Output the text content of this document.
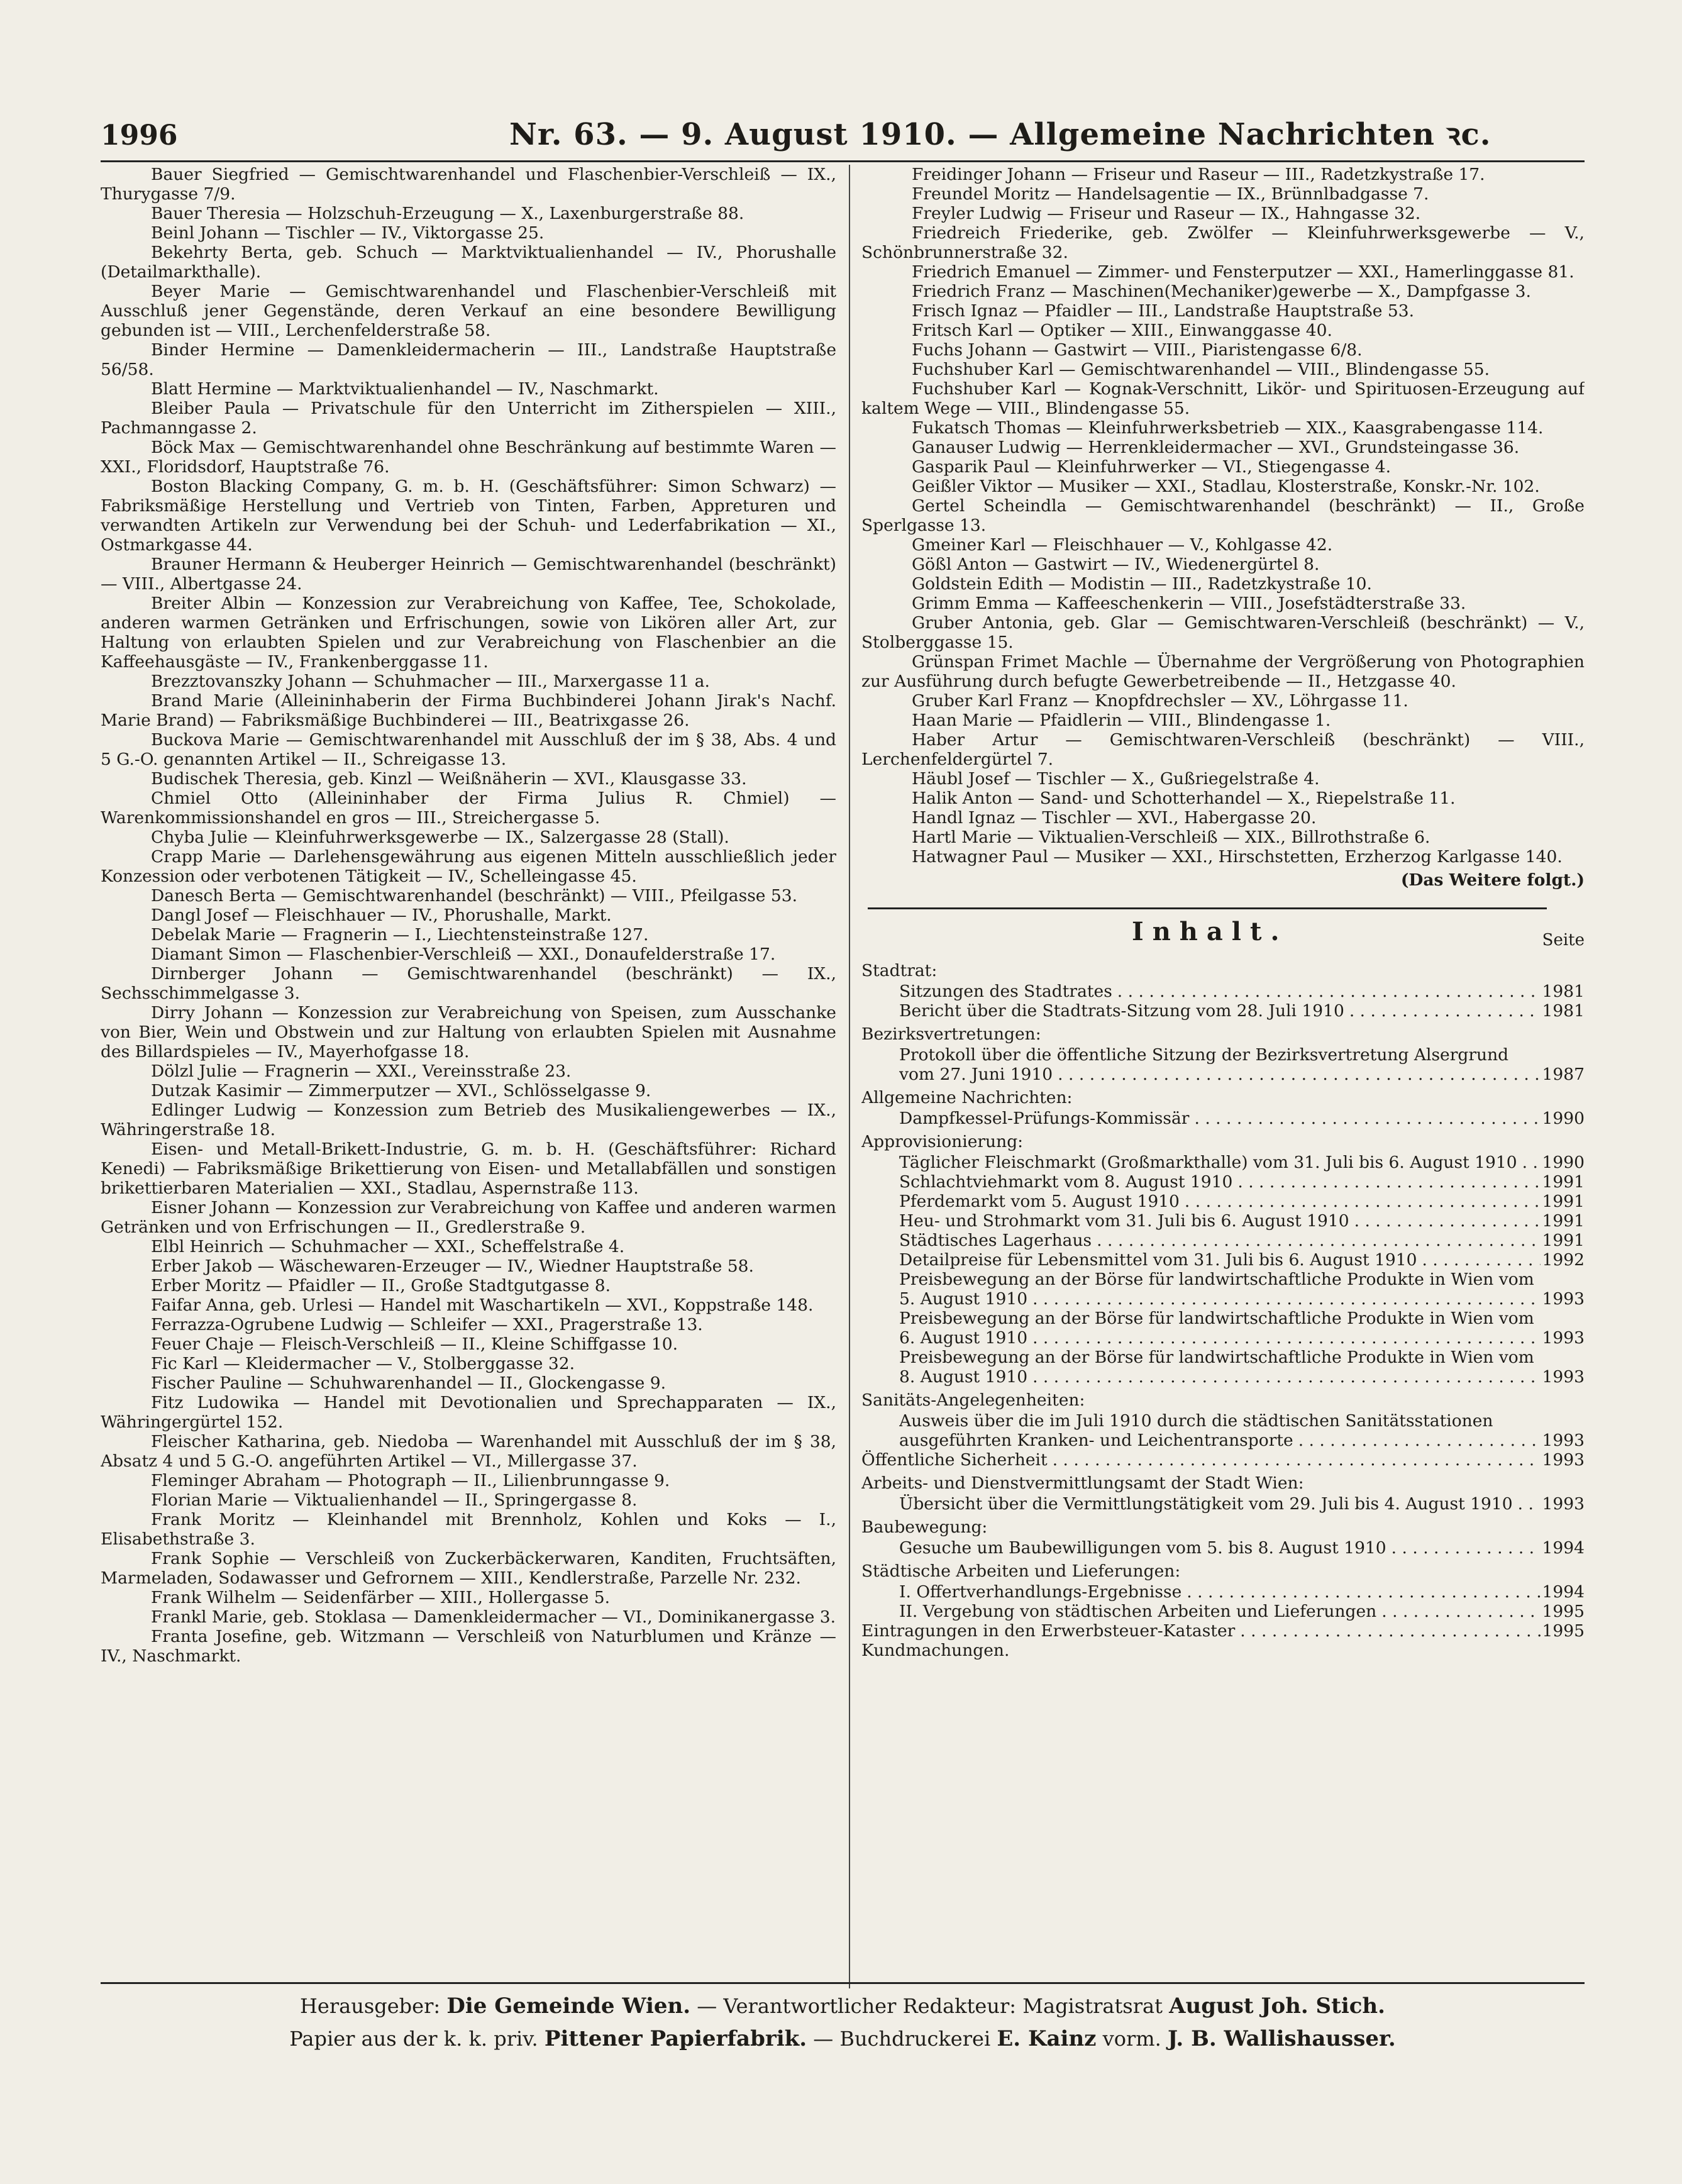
1996	Nr. 63. — 9. August 1910. — Allgemeine Nachrichten ꝛc.

Bauer Siegfried — Gemischtwarenhandel und Flaschenbier-Verschleiß — IX., Thurygasse 7/9.

Bauer Theresia — Holzschuh-Erzeugung — X., Laxenburgerstraße 88.

Beinl Johann — Tischler — IV., Viktorgasse 25.

Bekehrty Berta, geb. Schuch — Marktviktualienhandel — IV., Phorushalle (Detailmarkthalle).

Beyer Marie — Gemischtwarenhandel und Flaschenbier-Verschleiß mit Ausschluß jener Gegenstände, deren Verkauf an eine besondere Bewilligung gebunden ist — VIII., Lerchenfelderstraße 58.

Binder Hermine — Damenkleidermacherin — III., Landstraße Hauptstraße 56/58.

Blatt Hermine — Marktviktualienhandel — IV., Naschmarkt.

Bleiber Paula — Privatschule für den Unterricht im Zitherspielen — XIII., Pachmanngasse 2.

Böck Max — Gemischtwarenhandel ohne Beschränkung auf bestimmte Waren — XXI., Floridsdorf, Hauptstraße 76.

Boston Blacking Company, G. m. b. H. (Geschäftsführer: Simon Schwarz) — Fabriksmäßige Herstellung und Vertrieb von Tinten, Farben, Appreturen und verwandten Artikeln zur Verwendung bei der Schuh- und Lederfabrikation — XI., Ostmarkgasse 44.

Brauner Hermann & Heuberger Heinrich — Gemischtwarenhandel (beschränkt) — VIII., Albertgasse 24.

Breiter Albin — Konzession zur Verabreichung von Kaffee, Tee, Schokolade, anderen warmen Getränken und Erfrischungen, sowie von Likören aller Art, zur Haltung von erlaubten Spielen und zur Verabreichung von Flaschenbier an die Kaffeehausgäste — IV., Frankenberggasse 11.

Brezztovanszky Johann — Schuhmacher — III., Marxergasse 11 a.

Brand Marie (Alleininhaberin der Firma Buchbinderei Johann Jirak's Nachf. Marie Brand) — Fabriksmäßige Buchbinderei — III., Beatrixgasse 26.

Buckova Marie — Gemischtwarenhandel mit Ausschluß der im § 38, Abs. 4 und 5 G.-O. genannten Artikel — II., Schreigasse 13.

Budischek Theresia, geb. Kinzl — Weißnäherin — XVI., Klausgasse 33.

Chmiel Otto (Alleininhaber der Firma Julius R. Chmiel) — Warenkommissionshandel en gros — III., Streichergasse 5.

Chyba Julie — Kleinfuhrwerksgewerbe — IX., Salzergasse 28 (Stall).

Crapp Marie — Darlehensgewährung aus eigenen Mitteln ausschließlich jeder Konzession oder verbotenen Tätigkeit — IV., Schelleingasse 45.

Danesch Berta — Gemischtwarenhandel (beschränkt) — VIII., Pfeilgasse 53.

Dangl Josef — Fleischhauer — IV., Phorushalle, Markt.

Debelak Marie — Fragnerin — I., Liechtensteinstraße 127.

Diamant Simon — Flaschenbier-Verschleiß — XXI., Donaufelderstraße 17.

Dirnberger Johann — Gemischtwarenhandel (beschränkt) — IX., Sechsschimmelgasse 3.

Dirry Johann — Konzession zur Verabreichung von Speisen, zum Ausschanke von Bier, Wein und Obstwein und zur Haltung von erlaubten Spielen mit Ausnahme des Billardspieles — IV., Mayerhofgasse 18.

Dölzl Julie — Fragnerin — XXI., Vereinsstraße 23.

Dutzak Kasimir — Zimmerputzer — XVI., Schlösselgasse 9.

Edlinger Ludwig — Konzession zum Betrieb des Musikaliengewerbes — IX., Währingerstraße 18.

Eisen- und Metall-Brikett-Industrie, G. m. b. H. (Geschäftsführer: Richard Kenedi) — Fabriksmäßige Brikettierung von Eisen- und Metallabfällen und sonstigen brikettierbaren Materialien — XXI., Stadlau, Aspernstraße 113.

Eisner Johann — Konzession zur Verabreichung von Kaffee und anderen warmen Getränken und von Erfrischungen — II., Gredlerstraße 9.

Elbl Heinrich — Schuhmacher — XXI., Scheffelstraße 4.

Erber Jakob — Wäschewaren-Erzeuger — IV., Wiedner Hauptstraße 58.

Erber Moritz — Pfaidler — II., Große Stadtgutgasse 8.

Faifar Anna, geb. Urlesi — Handel mit Waschartikeln — XVI., Koppstraße 148.

Ferrazza-Ogrubene Ludwig — Schleifer — XXI., Pragerstraße 13.

Feuer Chaje — Fleisch-Verschleiß — II., Kleine Schiffgasse 10.

Fic Karl — Kleidermacher — V., Stolberggasse 32.

Fischer Pauline — Schuhwarenhandel — II., Glockengasse 9.

Fitz Ludowika — Handel mit Devotionalien und Sprechapparaten — IX., Währingergürtel 152.

Fleischer Katharina, geb. Niedoba — Warenhandel mit Ausschluß der im § 38, Absatz 4 und 5 G.-O. angeführten Artikel — VI., Millergasse 37.

Fleminger Abraham — Photograph — II., Lilienbrunngasse 9.

Florian Marie — Viktualienhandel — II., Springergasse 8.

Frank Moritz — Kleinhandel mit Brennholz, Kohlen und Koks — I., Elisabethstraße 3.

Frank Sophie — Verschleiß von Zuckerbäckerwaren, Kanditen, Fruchtsäften, Marmeladen, Sodawasser und Gefrornem — XIII., Kendlerstraße, Parzelle Nr. 232.

Frank Wilhelm — Seidenfärber — XIII., Hollergasse 5.

Frankl Marie, geb. Stoklasa — Damenkleidermacher — VI., Dominikanergasse 3.

Franta Josefine, geb. Witzmann — Verschleiß von Naturblumen und Kränze — IV., Naschmarkt.

Freidinger Johann — Friseur und Raseur — III., Radetzkystraße 17.

Freundel Moritz — Handelsagentie — IX., Brünnlbadgasse 7.

Freyler Ludwig — Friseur und Raseur — IX., Hahngasse 32.

Friedreich Friederike, geb. Zwölfer — Kleinfuhrwerksgewerbe — V., Schönbrunnerstraße 32.

Friedrich Emanuel — Zimmer- und Fensterputzer — XXI., Hamerlinggasse 81.

Friedrich Franz — Maschinen(Mechaniker)gewerbe — X., Dampfgasse 3.

Frisch Ignaz — Pfaidler — III., Landstraße Hauptstraße 53.

Fritsch Karl — Optiker — XIII., Einwanggasse 40.

Fuchs Johann — Gastwirt — VIII., Piaristengasse 6/8.

Fuchshuber Karl — Gemischtwarenhandel — VIII., Blindengasse 55.

Fuchshuber Karl — Kognak-Verschnitt, Likör- und Spirituosen-Erzeugung auf kaltem Wege — VIII., Blindengasse 55.

Fukatsch Thomas — Kleinfuhrwerksbetrieb — XIX., Kaasgrabengasse 114.

Ganauser Ludwig — Herrenkleidermacher — XVI., Grundsteingasse 36.

Gasparik Paul — Kleinfuhrwerker — VI., Stiegengasse 4.

Geißler Viktor — Musiker — XXI., Stadlau, Klosterstraße, Konskr.-Nr. 102.

Gertel Scheindla — Gemischtwarenhandel (beschränkt) — II., Große Sperlgasse 13.

Gmeiner Karl — Fleischhauer — V., Kohlgasse 42.

Gößl Anton — Gastwirt — IV., Wiedenergürtel 8.

Goldstein Edith — Modistin — III., Radetzkystraße 10.

Grimm Emma — Kaffeeschenkerin — VIII., Josefstädterstraße 33.

Gruber Antonia, geb. Glar — Gemischtwaren-Verschleiß (beschränkt) — V., Stolberggasse 15.

Grünspan Frimet Machle — Übernahme der Vergrößerung von Photographien zur Ausführung durch befugte Gewerbetreibende — II., Hetzgasse 40.

Gruber Karl Franz — Knopfdrechsler — XV., Löhrgasse 11.

Haan Marie — Pfaidlerin — VIII., Blindengasse 1.

Haber Artur — Gemischtwaren-Verschleiß (beschränkt) — VIII., Lerchenfeldergürtel 7.

Häubl Josef — Tischler — X., Gußriegelstraße 4.

Halik Anton — Sand- und Schotterhandel — X., Riepelstraße 11.

Handl Ignaz — Tischler — XVI., Habergasse 20.

Hartl Marie — Viktualien-Verschleiß — XIX., Billrothstraße 6.

Hatwagner Paul — Musiker — XXI., Hirschstetten, Erzherzog Karlgasse 140.

(Das Weitere folgt.)

Inhalt.	Seite
Stadtrat:
Sitzungen des Stadtrates . . .	1981
Bericht über die Stadtrats-Sitzung vom 28. Juli 1910 . . .	1981
Bezirksvertretungen:
Protokoll über die öffentliche Sitzung der Bezirksvertretung Alsergrund vom 27. Juni 1910 . . .	1987
Allgemeine Nachrichten:
Dampfkessel-Prüfungs-Kommissär . . .	1990
Approvisionierung:
Täglicher Fleischmarkt (Großmarkthalle) vom 31. Juli bis 6. August 1910 . . .	1990
Schlachtviehmarkt vom 8. August 1910 . . .	1991
Pferdemarkt vom 5. August 1910 . . .	1991
Heu- und Strohmarkt vom 31. Juli bis 6. August 1910 . . .	1991
Städtisches Lagerhaus . . .	1991
Detailpreise für Lebensmittel vom 31. Juli bis 6. August 1910 . . .	1992
Preisbewegung an der Börse für landwirtschaftliche Produkte in Wien vom 5. August 1910 . . .	1993
Preisbewegung an der Börse für landwirtschaftliche Produkte in Wien vom 6. August 1910 . . .	1993
Preisbewegung an der Börse für landwirtschaftliche Produkte in Wien vom 8. August 1910 . . .	1993
Sanitäts-Angelegenheiten:
Ausweis über die im Juli 1910 durch die städtischen Sanitätsstationen ausgeführten Kranken- und Leichentransporte . . .	1993
Öffentliche Sicherheit . . .	1993
Arbeits- und Dienstvermittlungsamt der Stadt Wien:
Übersicht über die Vermittlungstätigkeit vom 29. Juli bis 4. August 1910 . . .	1993
Baubewegung:
Gesuche um Baubewilligungen vom 5. bis 8. August 1910 . . .	1994
Städtische Arbeiten und Lieferungen:
I. Offertverhandlungs-Ergebnisse . . .	1994
II. Vergebung von städtischen Arbeiten und Lieferungen . . .	1995
Eintragungen in den Erwerbsteuer-Kataster . . .	1995
Kundmachungen.
Herausgeber: Die Gemeinde Wien. — Verantwortlicher Redakteur: Magistratsrat August Joh. Stich.
Papier aus der k. k. priv. Pittener Papierfabrik. — Buchdruckerei E. Kainz vorm. J. B. Wallishausser.
